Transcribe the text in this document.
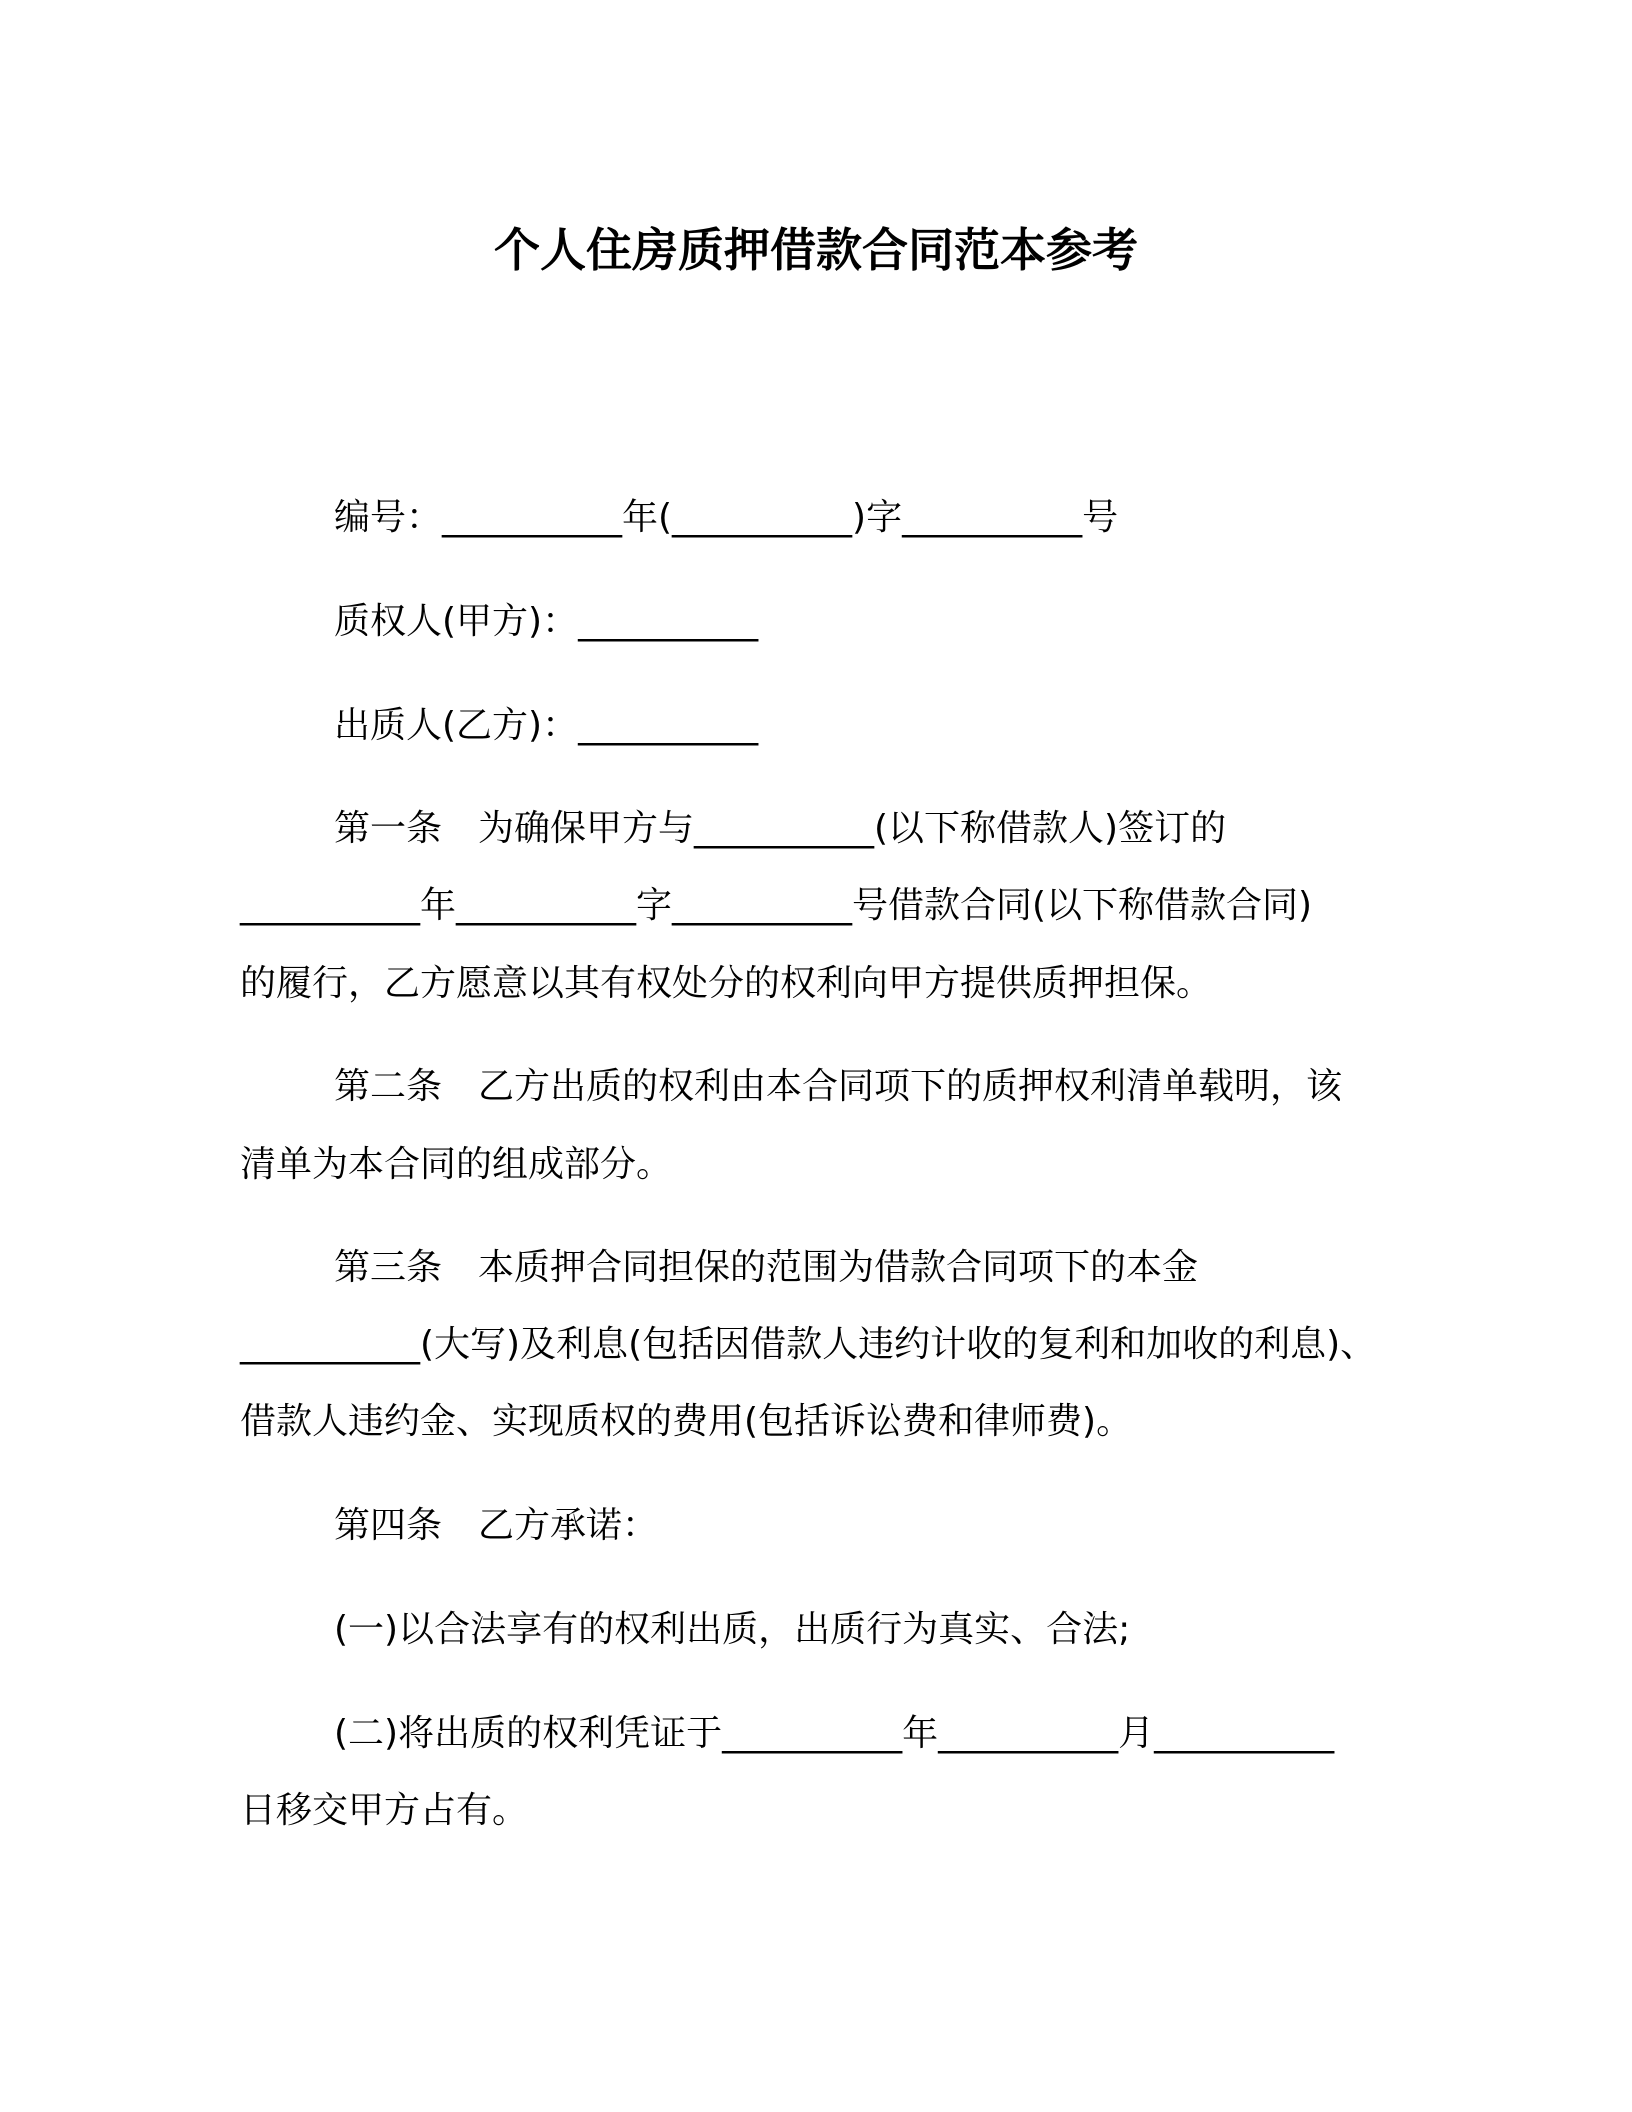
个人住房质押借款合同范本参考
编号：__________年(__________)字__________号
质权人(甲方)：__________
出质人(乙方)：__________
第一条　为确保甲方与__________(以下称借款人)签订的
__________年__________字__________号借款合同(以下称借款合同)
的履行，乙方愿意以其有权处分的权利向甲方提供质押担保。
第二条　乙方出质的权利由本合同项下的质押权利清单载明，该
清单为本合同的组成部分。
第三条　本质押合同担保的范围为借款合同项下的本金
__________(大写)及利息(包括因借款人违约计收的复利和加收的利息)、
借款人违约金、实现质权的费用(包括诉讼费和律师费)。
第四条　乙方承诺：
(一)以合法享有的权利出质，出质行为真实、合法;
(二)将出质的权利凭证于__________年__________月__________
日移交甲方占有。
